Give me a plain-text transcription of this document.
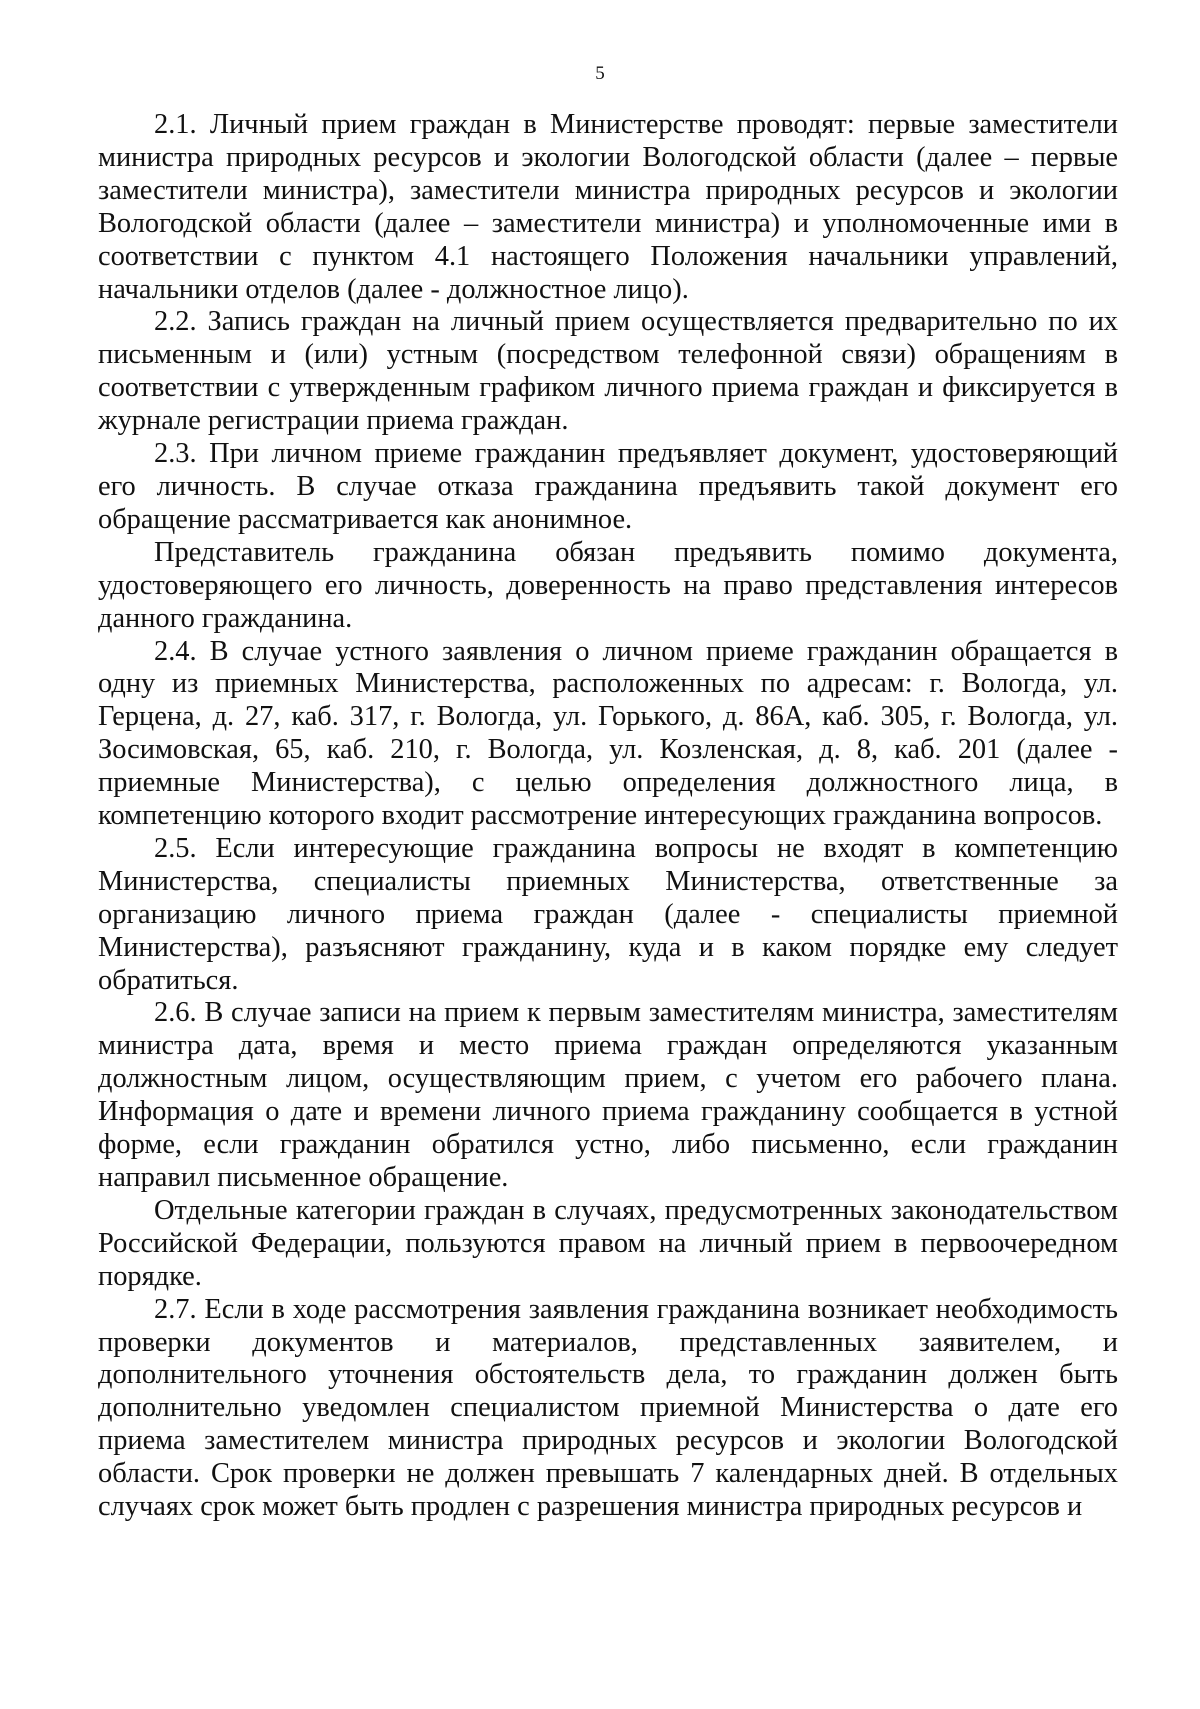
5

2.1. Личный прием граждан в Министерстве проводят: первые заместители министра природных ресурсов и экологии Вологодской области (далее – первые заместители министра), заместители министра природных ресурсов и экологии Вологодской области (далее – заместители министра) и уполномоченные ими в соответствии с пунктом 4.1 настоящего Положения начальники управлений, начальники отделов (далее - должностное лицо).

2.2. Запись граждан на личный прием осуществляется предварительно по их письменным и (или) устным (посредством телефонной связи) обращениям в соответствии с утвержденным графиком личного приема граждан и фиксируется в журнале регистрации приема граждан.

2.3. При личном приеме гражданин предъявляет документ, удостоверяющий его личность. В случае отказа гражданина предъявить такой документ его обращение рассматривается как анонимное.

Представитель гражданина обязан предъявить помимо документа, удостоверяющего его личность, доверенность на право представления интересов данного гражданина.

2.4. В случае устного заявления о личном приеме гражданин обращается в одну из приемных Министерства, расположенных по адресам: г. Вологда, ул. Герцена, д. 27, каб. 317, г. Вологда, ул. Горького, д. 86А, каб. 305, г. Вологда, ул. Зосимовская, 65, каб. 210, г. Вологда, ул. Козленская, д. 8, каб. 201 (далее - приемные Министерства), с целью определения должностного лица, в компетенцию которого входит рассмотрение интересующих гражданина вопросов.

2.5. Если интересующие гражданина вопросы не входят в компетенцию Министерства, специалисты приемных Министерства, ответственные за организацию личного приема граждан (далее - специалисты приемной Министерства), разъясняют гражданину, куда и в каком порядке ему следует обратиться.

2.6. В случае записи на прием к первым заместителям министра, заместителям министра дата, время и место приема граждан определяются указанным должностным лицом, осуществляющим прием, с учетом его рабочего плана. Информация о дате и времени личного приема гражданину сообщается в устной форме, если гражданин обратился устно, либо письменно, если гражданин направил письменное обращение.

Отдельные категории граждан в случаях, предусмотренных законодательством Российской Федерации, пользуются правом на личный прием в первоочередном порядке.

2.7. Если в ходе рассмотрения заявления гражданина возникает необходимость проверки документов и материалов, представленных заявителем, и дополнительного уточнения обстоятельств дела, то гражданин должен быть дополнительно уведомлен специалистом приемной Министерства о дате его приема заместителем министра природных ресурсов и экологии Вологодской области. Срок проверки не должен превышать 7 календарных дней. В отдельных случаях срок может быть продлен с разрешения министра природных ресурсов и
